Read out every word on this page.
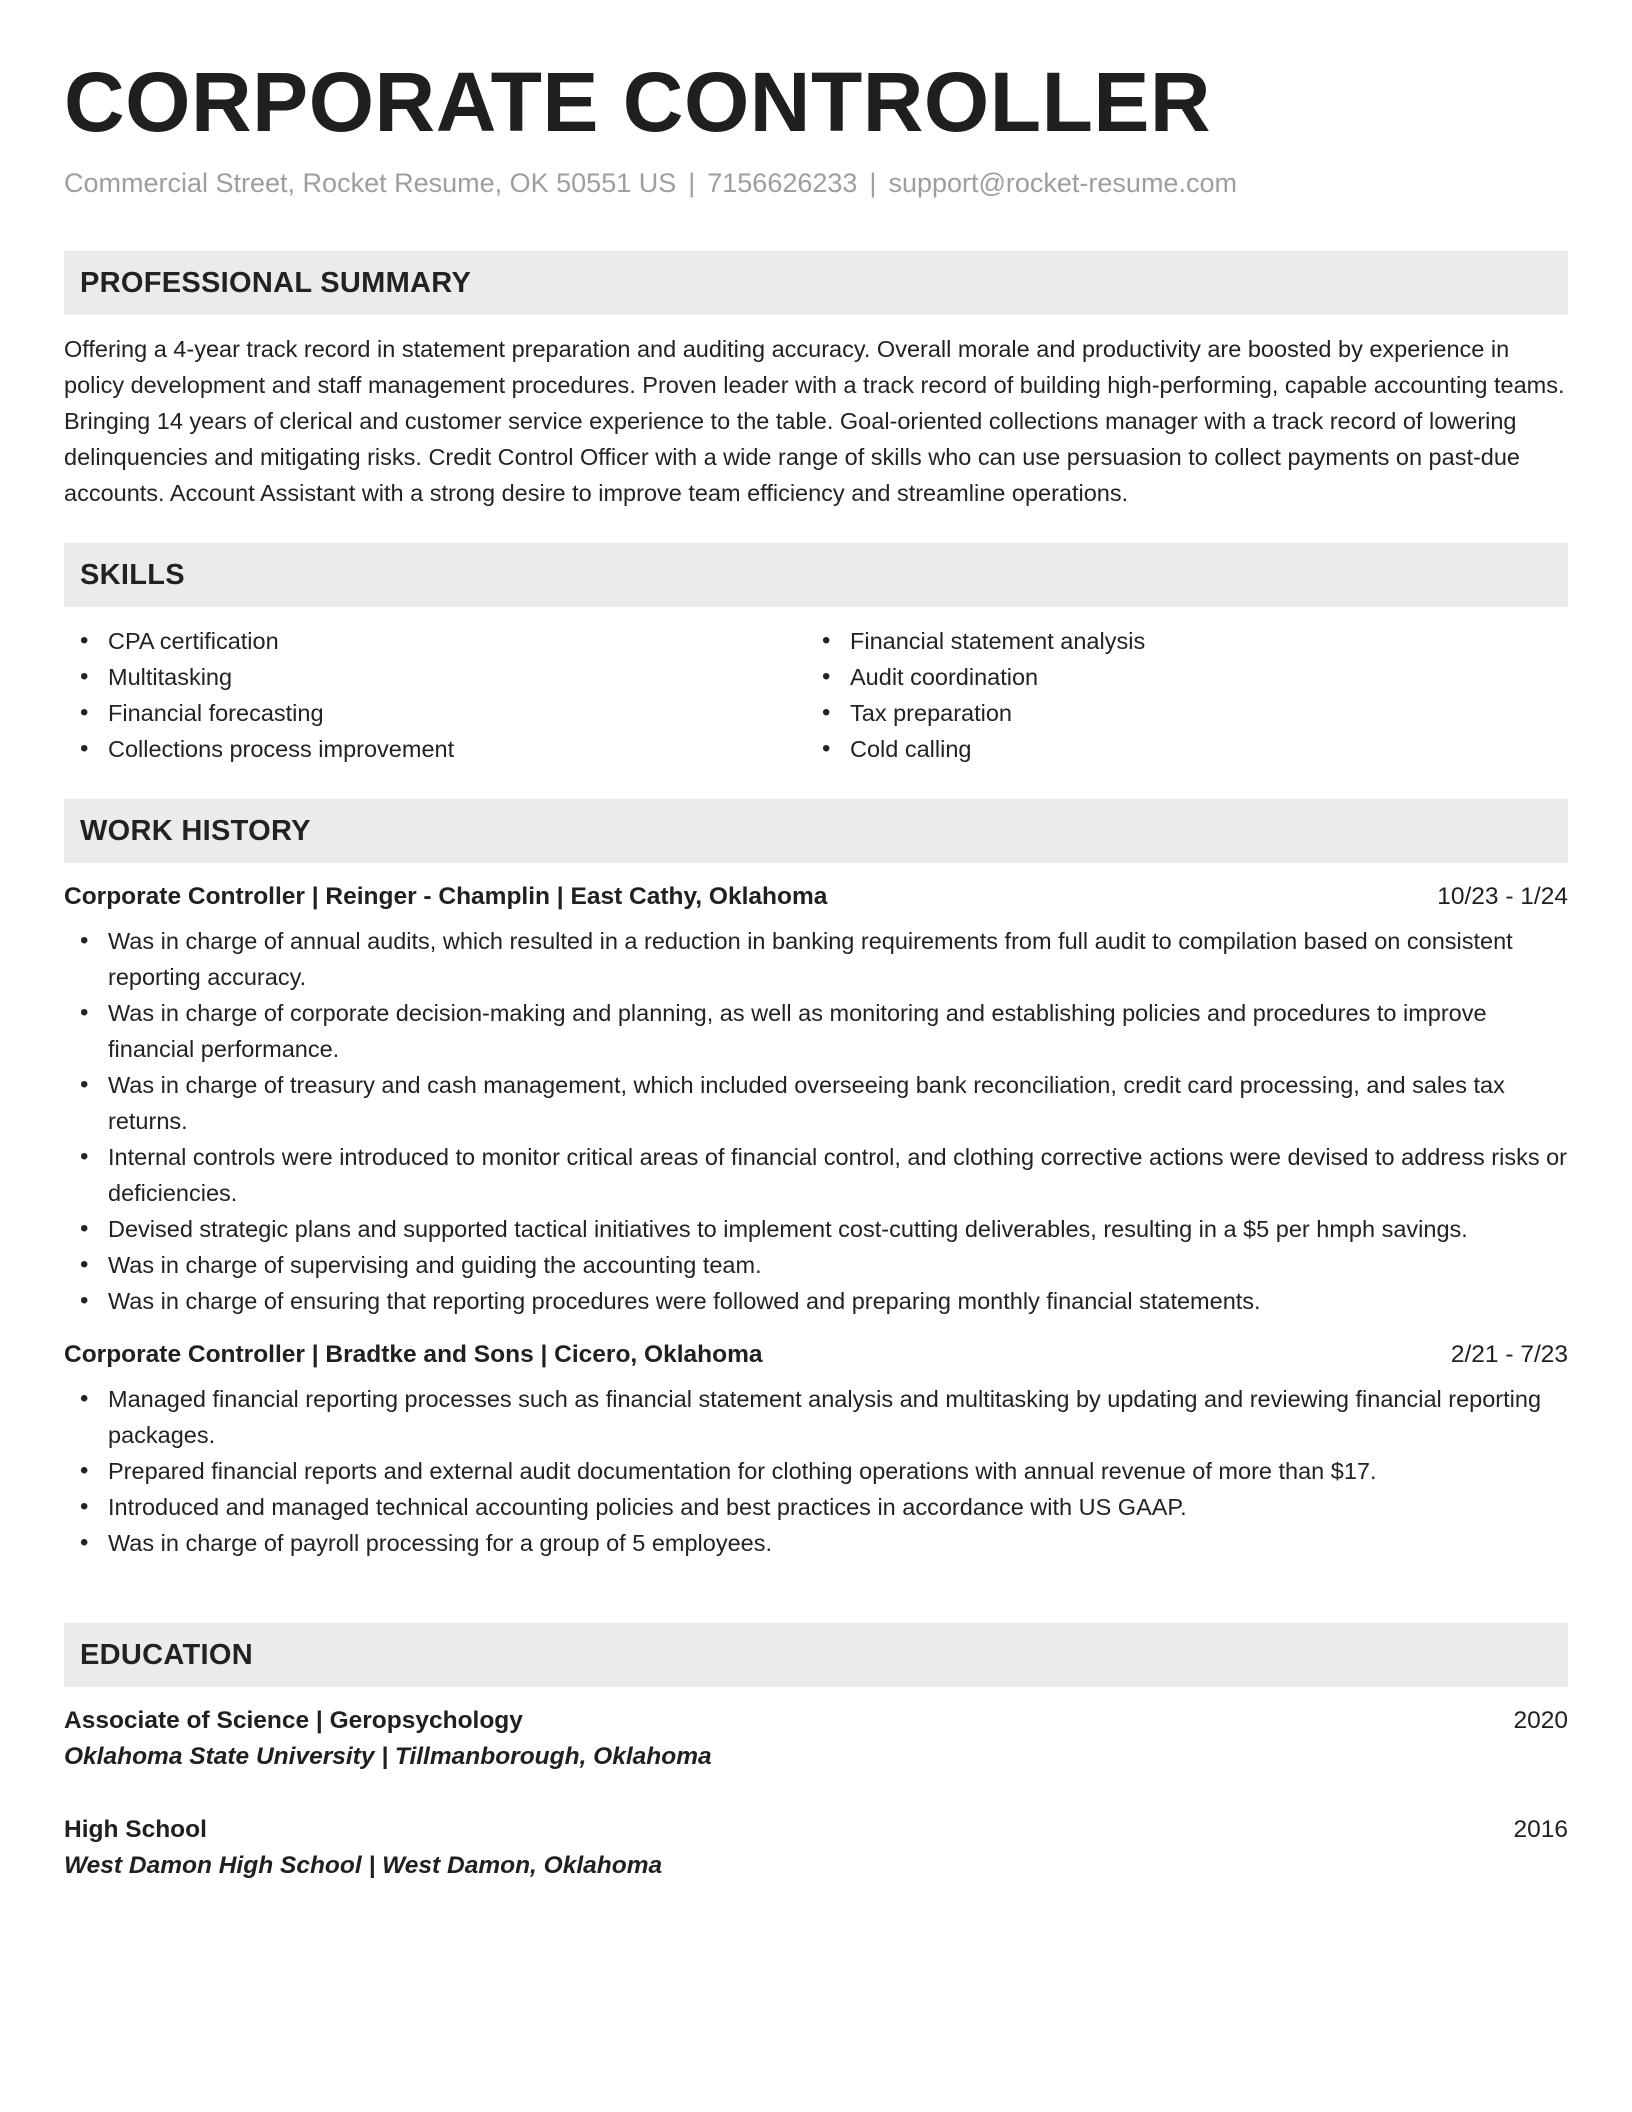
CORPORATE CONTROLLER
Commercial Street, Rocket Resume, OK 50551 US | 7156626233 | support@rocket-resume.com
PROFESSIONAL SUMMARY

Offering a 4-year track record in statement preparation and auditing accuracy. Overall morale and productivity are boosted by experience in policy development and staff management procedures. Proven leader with a track record of building high-performing, capable accounting teams. Bringing 14 years of clerical and customer service experience to the table. Goal-oriented collections manager with a track record of lowering delinquencies and mitigating risks. Credit Control Officer with a wide range of skills who can use persuasion to collect payments on past-due accounts. Account Assistant with a strong desire to improve team efficiency and streamline operations.

SKILLS
• CPA certification
• Multitasking
• Financial forecasting
• Collections process improvement
• Financial statement analysis
• Audit coordination
• Tax preparation
• Cold calling
WORK HISTORY
Corporate Controller | Reinger - Champlin | East Cathy, Oklahoma	10/23 - 1/24
• Was in charge of annual audits, which resulted in a reduction in banking requirements from full audit to compilation based on consistent reporting accuracy.
• Was in charge of corporate decision-making and planning, as well as monitoring and establishing policies and procedures to improve financial performance.
• Was in charge of treasury and cash management, which included overseeing bank reconciliation, credit card processing, and sales tax returns.
• Internal controls were introduced to monitor critical areas of financial control, and clothing corrective actions were devised to address risks or deficiencies.
• Devised strategic plans and supported tactical initiatives to implement cost-cutting deliverables, resulting in a $5 per hmph savings.
• Was in charge of supervising and guiding the accounting team.
• Was in charge of ensuring that reporting procedures were followed and preparing monthly financial statements.
Corporate Controller | Bradtke and Sons | Cicero, Oklahoma	2/21 - 7/23
• Managed financial reporting processes such as financial statement analysis and multitasking by updating and reviewing financial reporting packages.
• Prepared financial reports and external audit documentation for clothing operations with annual revenue of more than $17.
• Introduced and managed technical accounting policies and best practices in accordance with US GAAP.
• Was in charge of payroll processing for a group of 5 employees.
EDUCATION
Associate of Science | Geropsychology	2020
Oklahoma State University | Tillmanborough, Oklahoma
High School	2016
West Damon High School | West Damon, Oklahoma
